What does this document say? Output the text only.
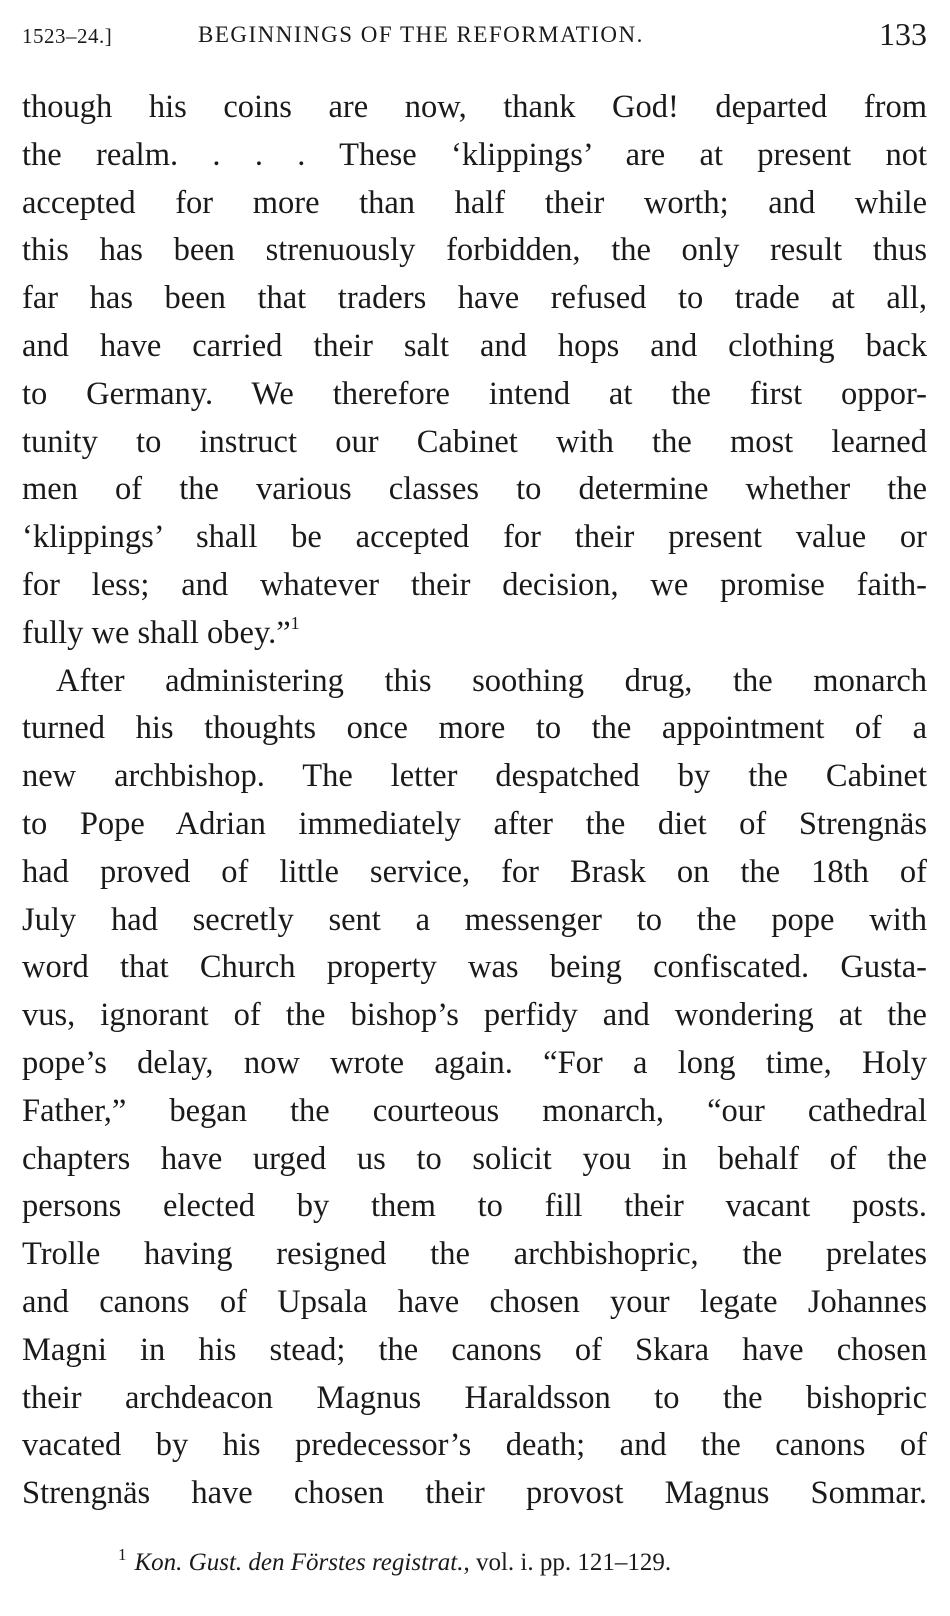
1523–24.]	BEGINNINGS OF THE REFORMATION.	133
though his coins are now, thank God! departed from
the realm. . . . These ‘klippings’ are at present not
accepted for more than half their worth; and while
this has been strenuously forbidden, the only result thus
far has been that traders have refused to trade at all,
and have carried their salt and hops and clothing back
to Germany. We therefore intend at the first oppor-
tunity to instruct our Cabinet with the most learned
men of the various classes to determine whether the
‘klippings’ shall be accepted for their present value or
for less; and whatever their decision, we promise faith-
fully we shall obey.”$^1$
After administering this soothing drug, the monarch
turned his thoughts once more to the appointment of a
new archbishop. The letter despatched by the Cabinet
to Pope Adrian immediately after the diet of Strengnäs
had proved of little service, for Brask on the 18th of
July had secretly sent a messenger to the pope with
word that Church property was being confiscated. Gusta-
vus, ignorant of the bishop’s perfidy and wondering at the
pope’s delay, now wrote again. “For a long time, Holy
Father,” began the courteous monarch, “our cathedral
chapters have urged us to solicit you in behalf of the
persons elected by them to fill their vacant posts.
Trolle having resigned the archbishopric, the prelates
and canons of Upsala have chosen your legate Johannes
Magni in his stead; the canons of Skara have chosen
their archdeacon Magnus Haraldsson to the bishopric
vacated by his predecessor’s death; and the canons of
Strengnäs have chosen their provost Magnus Sommar.
$^1$ Kon. Gust. den Förstes registrat., vol. i. pp. 121–129.
